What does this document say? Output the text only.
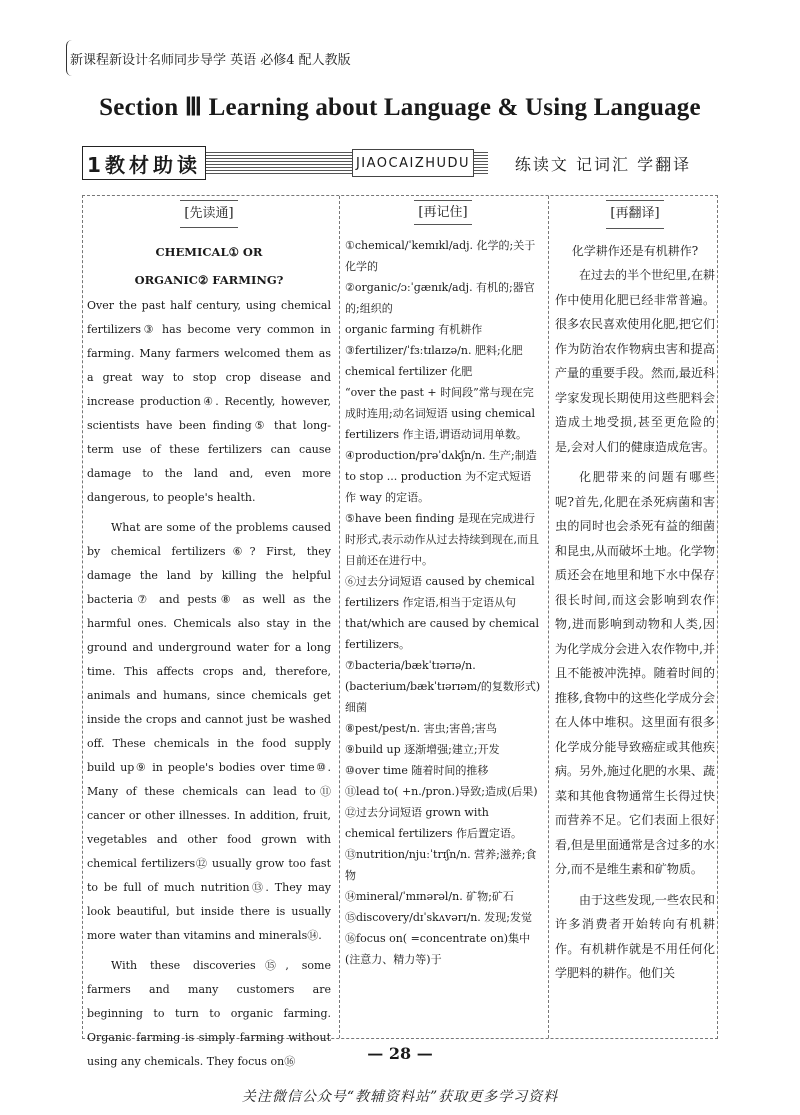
新课程新设计名师同步导学 英语 必修4 配人教版
Section Ⅲ Learning about Language & Using Language
1教材助读	JIAOCAIZHUDU	练读文 记词汇 学翻译
[先读通]

CHEMICAL① OR

ORGANIC② FARMING?

Over the past half century, using chemical fertilizers③ has become very common in farming. Many farmers welcomed them as a great way to stop crop disease and increase production④. Recently, however, scientists have been finding⑤ that long-term use of these fertilizers can cause damage to the land and, even more dangerous, to people's health.

What are some of the problems caused by chemical fertilizers⑥? First, they damage the land by killing the helpful bacteria⑦ and pests⑧ as well as the harmful ones. Chemicals also stay in the ground and underground water for a long time. This affects crops and, therefore, animals and humans, since chemicals get inside the crops and cannot just be washed off. These chemicals in the food supply build up⑨ in people's bodies over time⑩. Many of these chemicals can lead to⑪ cancer or other illnesses. In addition, fruit, vegetables and other food grown with chemical fertilizers⑫ usually grow too fast to be full of much nutrition⑬. They may look beautiful, but inside there is usually more water than vitamins and minerals⑭.

With these discoveries⑮, some farmers and many customers are beginning to turn to organic farming. Organic farming is simply farming without using any chemicals. They focus on⑯

[再记住]

①chemical/ˈkemɪkl/adj. 化学的;关于化学的

②organic/ɔːˈɡænɪk/adj. 有机的;器官的;组织的

organic farming 有机耕作

③fertilizer/ˈfɜːtɪlaɪzə/n. 肥料;化肥

chemical fertilizer 化肥

“over the past + 时间段”常与现在完成时连用;动名词短语 using chemical fertilizers 作主语,谓语动词用单数。

④production/prəˈdʌkʃn/n. 生产;制造

to stop ... production 为不定式短语作 way 的定语。

⑤have been finding 是现在完成进行时形式,表示动作从过去持续到现在,而且目前还在进行中。

⑥过去分词短语 caused by chemical fertilizers 作定语,相当于定语从句 that/which are caused by chemical fertilizers。

⑦bacteria/bækˈtɪərɪə/n.(bacterium/bækˈtɪərɪəm/的复数形式)细菌

⑧pest/pest/n. 害虫;害兽;害鸟

⑨build up 逐渐增强;建立;开发

⑩over time 随着时间的推移

⑪lead to( +n./pron.)导致;造成(后果)

⑫过去分词短语 grown with chemical fertilizers 作后置定语。

⑬nutrition/njuːˈtrɪʃn/n. 营养;滋养;食物

⑭mineral/ˈmɪnərəl/n. 矿物;矿石

⑮discovery/dɪˈskʌvərɪ/n. 发现;发觉

⑯focus on( =concentrate on)集中(注意力、精力等)于

[再翻译]

化学耕作还是有机耕作?

在过去的半个世纪里,在耕作中使用化肥已经非常普遍。很多农民喜欢使用化肥,把它们作为防治农作物病虫害和提高产量的重要手段。然而,最近科学家发现长期使用这些肥料会造成土地受损,甚至更危险的是,会对人们的健康造成危害。

化肥带来的问题有哪些呢?首先,化肥在杀死病菌和害虫的同时也会杀死有益的细菌和昆虫,从而破坏土地。化学物质还会在地里和地下水中保存很长时间,而这会影响到农作物,进而影响到动物和人类,因为化学成分会进入农作物中,并且不能被冲洗掉。随着时间的推移,食物中的这些化学成分会在人体中堆积。这里面有很多化学成分能导致癌症或其他疾病。另外,施过化肥的水果、蔬菜和其他食物通常生长得过快而营养不足。它们表面上很好看,但是里面通常是含过多的水分,而不是维生素和矿物质。

由于这些发现,一些农民和许多消费者开始转向有机耕作。有机耕作就是不用任何化学肥料的耕作。他们关

— 28 —
关注微信公众号“教辅资料站”获取更多学习资料
